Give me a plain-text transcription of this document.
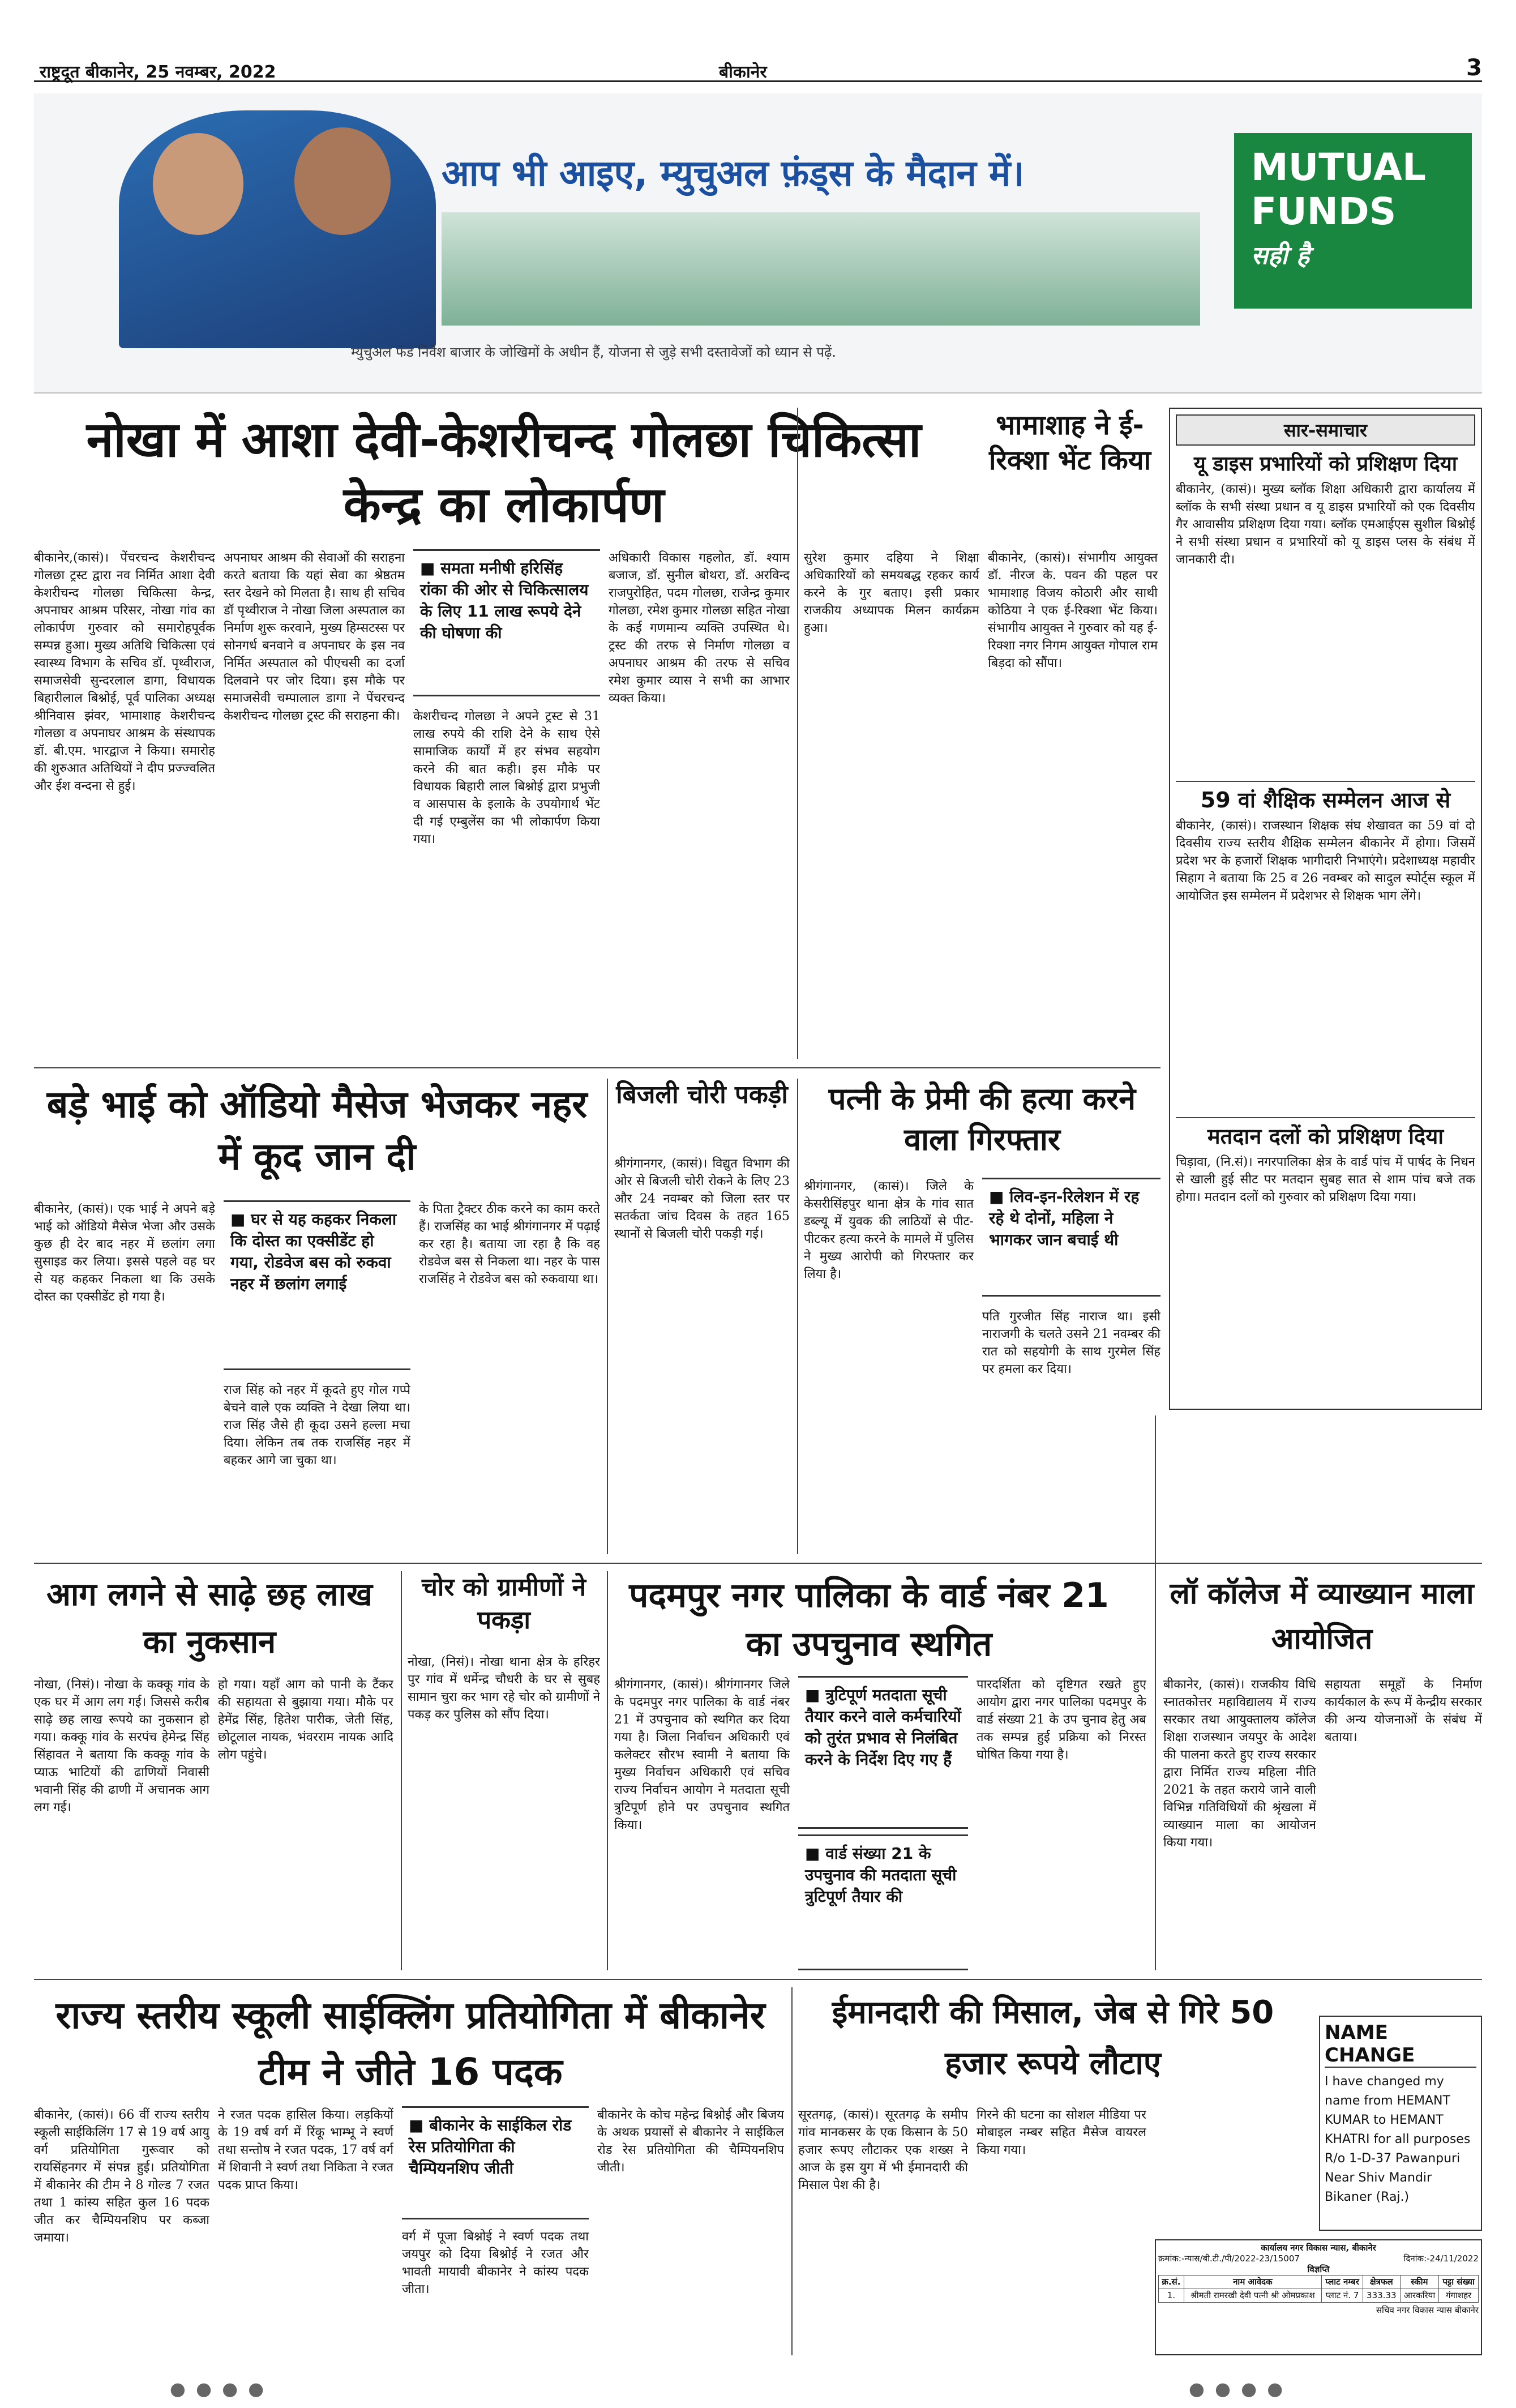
राष्ट्रदूत बीकानेर, 25 नवम्बर, 2022	बीकानेर	3
आप भी आइए, म्युचुअल फ़ंड्स के मैदान में।	MUTUAL FUNDS
सही है
म्युचुअल फंड निवेश बाजार के जोखिमों के अधीन हैं, योजना से जुड़े सभी दस्तावेजों को ध्यान से पढ़ें.
नोखा में आशा देवी-केशरीचन्द गोलछा चिकित्सा केन्द्र का लोकार्पण
बीकानेर,(कासं)। पेंचरचन्द केशरीचन्द गोलछा ट्रस्ट द्वारा नव निर्मित आशा देवी केशरीचन्द गोलछा चिकित्सा केन्द्र, अपनाघर आश्रम परिसर, नोखा गांव का लोकार्पण गुरुवार को समारोहपूर्वक सम्पन्न हुआ। मुख्य अतिथि चिकित्सा एवं स्वास्थ्य विभाग के सचिव डॉ. पृथ्वीराज, समाजसेवी सुन्दरलाल डागा, विधायक बिहारीलाल बिश्नोई, पूर्व पालिका अध्यक्ष श्रीनिवास झंवर, भामाशाह केशरीचन्द गोलछा व अपनाघर आश्रम के संस्थापक डॉ. बी.एम. भारद्वाज ने किया। समारोह की शुरुआत अतिथियों ने दीप प्रज्ज्वलित और ईश वन्दना से हुई।
अपनाघर आश्रम की सेवाओं की सराहना करते बताया कि यहां सेवा का श्रेष्ठतम स्तर देखने को मिलता है। साथ ही सचिव डॉ पृथ्वीराज ने नोखा जिला अस्पताल का निर्माण शुरू करवाने, मुख्य हिम्सटस्स पर सोनगर्ध बनवाने व अपनाघर के इस नव निर्मित अस्पताल को पीएचसी का दर्जा दिलवाने पर जोर दिया। इस मौके पर समाजसेवी चम्पालाल डागा ने पेंचरचन्द केशरीचन्द गोलछा ट्रस्ट की सराहना की।
■ समता मनीषी हरिसिंह रांका की ओर से चिकित्सालय के लिए 11 लाख रूपये देने की घोषणा की
केशरीचन्द गोलछा ने अपने ट्रस्ट से 31 लाख रुपये की राशि देने के साथ ऐसे सामाजिक कार्यों में हर संभव सहयोग करने की बात कही। इस मौके पर विधायक बिहारी लाल बिश्नोई द्वारा प्रभुजी व आसपास के इलाके के उपयोगार्थ भेंट दी गई एम्बुलेंस का भी लोकार्पण किया गया।
अधिकारी विकास गहलोत, डॉ. श्याम बजाज, डॉ. सुनील बोथरा, डॉ. अरविन्द राजपुरोहित, पदम गोलछा, राजेन्द्र कुमार गोलछा, रमेश कुमार गोलछा सहित नोखा के कई गणमान्य व्यक्ति उपस्थित थे। ट्रस्ट की तरफ से निर्माण गोलछा व अपनाघर आश्रम की तरफ से सचिव रमेश कुमार व्यास ने सभी का आभार व्यक्त किया।
सुरेश कुमार दहिया ने शिक्षा अधिकारियों को समयबद्ध रहकर कार्य करने के गुर बताए। इसी प्रकार राजकीय अध्यापक मिलन कार्यक्रम हुआ।
भामाशाह ने ई-रिक्शा भेंट किया
बीकानेर, (कासं)। संभागीय आयुक्त डॉ. नीरज के. पवन की पहल पर भामाशाह विजय कोठारी और साथी कोठिया ने एक ई-रिक्शा भेंट किया। संभागीय आयुक्त ने गुरुवार को यह ई-रिक्शा नगर निगम आयुक्त गोपाल राम बिड़दा को सौंपा।
सार-समाचार
यू डाइस प्रभारियों को प्रशिक्षण दिया
बीकानेर, (कासं)। मुख्य ब्लॉक शिक्षा अधिकारी द्वारा कार्यालय में ब्लॉक के सभी संस्था प्रधान व यू डाइस प्रभारियों को एक दिवसीय गैर आवासीय प्रशिक्षण दिया गया। ब्लॉक एमआईएस सुशील बिश्नोई ने सभी संस्था प्रधान व प्रभारियों को यू डाइस प्लस के संबंध में जानकारी दी।
59 वां शैक्षिक सम्मेलन आज से
बीकानेर, (कासं)। राजस्थान शिक्षक संघ शेखावत का 59 वां दो दिवसीय राज्य स्तरीय शैक्षिक सम्मेलन बीकानेर में होगा। जिसमें प्रदेश भर के हजारों शिक्षक भागीदारी निभाएंगे। प्रदेशाध्यक्ष महावीर सिहाग ने बताया कि 25 व 26 नवम्बर को सादुल स्पोर्ट्स स्कूल में आयोजित इस सम्मेलन में प्रदेशभर से शिक्षक भाग लेंगे।
मतदान दलों को प्रशिक्षण दिया
चिड़ावा, (नि.सं)। नगरपालिका क्षेत्र के वार्ड पांच में पार्षद के निधन से खाली हुई सीट पर मतदान सुबह सात से शाम पांच बजे तक होगा। मतदान दलों को गुरुवार को प्रशिक्षण दिया गया।
बड़े भाई को ऑडियो मैसेज भेजकर नहर में कूद जान दी
बीकानेर, (कासं)। एक भाई ने अपने बड़े भाई को ऑडियो मैसेज भेजा और उसके कुछ ही देर बाद नहर में छलांग लगा सुसाइड कर लिया। इससे पहले वह घर से यह कहकर निकला था कि उसके दोस्त का एक्सीडेंट हो गया है।
■ घर से यह कहकर निकला कि दोस्त का एक्सीडेंट हो गया, रोडवेज बस को रुकवा नहर में छलांग लगाई
राज सिंह को नहर में कूदते हुए गोल गप्पे बेचने वाले एक व्यक्ति ने देखा लिया था। राज सिंह जैसे ही कूदा उसने हल्ला मचा दिया। लेकिन तब तक राजसिंह नहर में बहकर आगे जा चुका था।
के पिता ट्रैक्टर ठीक करने का काम करते हैं। राजसिंह का भाई श्रीगंगानगर में पढ़ाई कर रहा है। बताया जा रहा है कि वह रोडवेज बस से निकला था। नहर के पास राजसिंह ने रोडवेज बस को रुकवाया था।
बिजली चोरी पकड़ी
श्रीगंगानगर, (कासं)। विद्युत विभाग की ओर से बिजली चोरी रोकने के लिए 23 और 24 नवम्बर को जिला स्तर पर सतर्कता जांच दिवस के तहत 165 स्थानों से बिजली चोरी पकड़ी गई।
पत्नी के प्रेमी की हत्या करने वाला गिरफ्तार
श्रीगंगानगर, (कासं)। जिले के केसरीसिंहपुर थाना क्षेत्र के गांव सात डब्ल्यू में युवक की लाठियों से पीट-पीटकर हत्या करने के मामले में पुलिस ने मुख्य आरोपी को गिरफ्तार कर लिया है।
■ लिव-इन-रिलेशन में रह रहे थे दोनों, महिला ने भागकर जान बचाई थी
पति गुरजीत सिंह नाराज था। इसी नाराजगी के चलते उसने 21 नवम्बर की रात को सहयोगी के साथ गुरमेल सिंह पर हमला कर दिया।
आग लगने से साढ़े छह लाख का नुकसान
नोखा, (निसं)। नोखा के कक्कू गांव के एक घर में आग लग गई। जिससे करीब साढ़े छह लाख रूपये का नुकसान हो गया। कक्कू गांव के सरपंच हेमेन्द्र सिंह सिंहावत ने बताया कि कक्कू गांव के प्याऊ भाटियों की ढाणियों निवासी भवानी सिंह की ढाणी में अचानक आग लग गई।
हो गया। यहाँ आग को पानी के टैंकर की सहायता से बुझाया गया। मौके पर हेमेंद्र सिंह, हितेश पारीक, जेती सिंह, छोटूलाल नायक, भंवरराम नायक आदि लोग पहुंचे।
चोर को ग्रामीणों ने पकड़ा
नोखा, (निसं)। नोखा थाना क्षेत्र के हरिहर पुर गांव में धर्मेन्द्र चौधरी के घर से सुबह सामान चुरा कर भाग रहे चोर को ग्रामीणों ने पकड़ कर पुलिस को सौंप दिया।
पदमपुर नगर पालिका के वार्ड नंबर 21 का उपचुनाव स्थगित
श्रीगंगानगर, (कासं)। श्रीगंगानगर जिले के पदमपुर नगर पालिका के वार्ड नंबर 21 में उपचुनाव को स्थगित कर दिया गया है। जिला निर्वाचन अधिकारी एवं कलेक्टर सौरभ स्वामी ने बताया कि मुख्य निर्वाचन अधिकारी एवं सचिव राज्य निर्वाचन आयोग ने मतदाता सूची त्रुटिपूर्ण होने पर उपचुनाव स्थगित किया।
■ त्रुटिपूर्ण मतदाता सूची तैयार करने वाले कर्मचारियों को तुरंत प्रभाव से निलंबित करने के निर्देश दिए गए हैं
■ वार्ड संख्या 21 के उपचुनाव की मतदाता सूची त्रुटिपूर्ण तैयार की
पारदर्शिता को दृष्टिगत रखते हुए आयोग द्वारा नगर पालिका पदमपुर के वार्ड संख्या 21 के उप चुनाव हेतु अब तक सम्पन्न हुई प्रक्रिया को निरस्त घोषित किया गया है।
लॉ कॉलेज में व्याख्यान माला आयोजित
बीकानेर, (कासं)। राजकीय विधि स्नातकोत्तर महाविद्यालय में राज्य सरकार तथा आयुक्तालय कॉलेज शिक्षा राजस्थान जयपुर के आदेश की पालना करते हुए राज्य सरकार द्वारा निर्मित राज्य महिला नीति 2021 के तहत कराये जाने वाली विभिन्न गतिविधियों की श्रृंखला में व्याख्यान माला का आयोजन किया गया।
सहायता समूहों के निर्माण कार्यकाल के रूप में केन्द्रीय सरकार की अन्य योजनाओं के संबंध में बताया।
राज्य स्तरीय स्कूली साईक्लिंग प्रतियोगिता में बीकानेर टीम ने जीते 16 पदक
बीकानेर, (कासं)। 66 वीं राज्य स्तरीय स्कूली साईकिलिंग 17 से 19 वर्ष आयु वर्ग प्रतियोगिता गुरूवार को रायसिंहनगर में संपन्न हुई। प्रतियोगिता में बीकानेर की टीम ने 8 गोल्ड 7 रजत तथा 1 कांस्य सहित कुल 16 पदक जीत कर चैम्पियनशिप पर कब्जा जमाया।
ने रजत पदक हासिल किया। लड़कियों के 19 वर्ष वर्ग में रिंकू भाम्भू ने स्वर्ण तथा सन्तोष ने रजत पदक, 17 वर्ष वर्ग में शिवानी ने स्वर्ण तथा निकिता ने रजत पदक प्राप्त किया।
■ बीकानेर के साईकिल रोड रेस प्रतियोगिता की चैम्पियनशिप जीती
वर्ग में पूजा बिश्नोई ने स्वर्ण पदक तथा जयपुर को दिया बिश्नोई ने रजत और भावती मायावी बीकानेर ने कांस्य पदक जीता।
बीकानेर के कोच महेन्द्र बिश्नोई और बिजय के अथक प्रयासों से बीकानेर ने साईकिल रोड रेस प्रतियोगिता की चैम्पियनशिप जीती।
ईमानदारी की मिसाल, जेब से गिरे 50 हजार रूपये लौटाए
सूरतगढ़, (कासं)। सूरतगढ़ के समीप गांव मानकसर के एक किसान के 50 हजार रूपए लौटाकर एक शख्स ने आज के इस युग में भी ईमानदारी की मिसाल पेश की है।
गिरने की घटना का सोशल मीडिया पर मोबाइल नम्बर सहित मैसेज वायरल किया गया।
NAME CHANGE
I have changed my name from HEMANT KUMAR to HEMANT KHATRI for all purposes R/o 1-D-37 Pawanpuri Near Shiv Mandir Bikaner (Raj.)
कार्यालय नगर विकास न्यास, बीकानेर
क्रमांक:-न्यास/बी.टी./पी/2022-23/15007	दिनांक:-24/11/2022
विज्ञप्ति
क्र.सं.	नाम आवेदक	प्लाट नम्बर	क्षेत्रफल	स्कीम	पट्टा संख्या
1.	श्रीमती रामरखी देवी पत्नी श्री ओमप्रकाश	प्लाट नं. 7	333.33	आरकरिया	गंगाशहर
सचिव नगर विकास न्यास बीकानेर
● ● ● ●	● ● ● ●
